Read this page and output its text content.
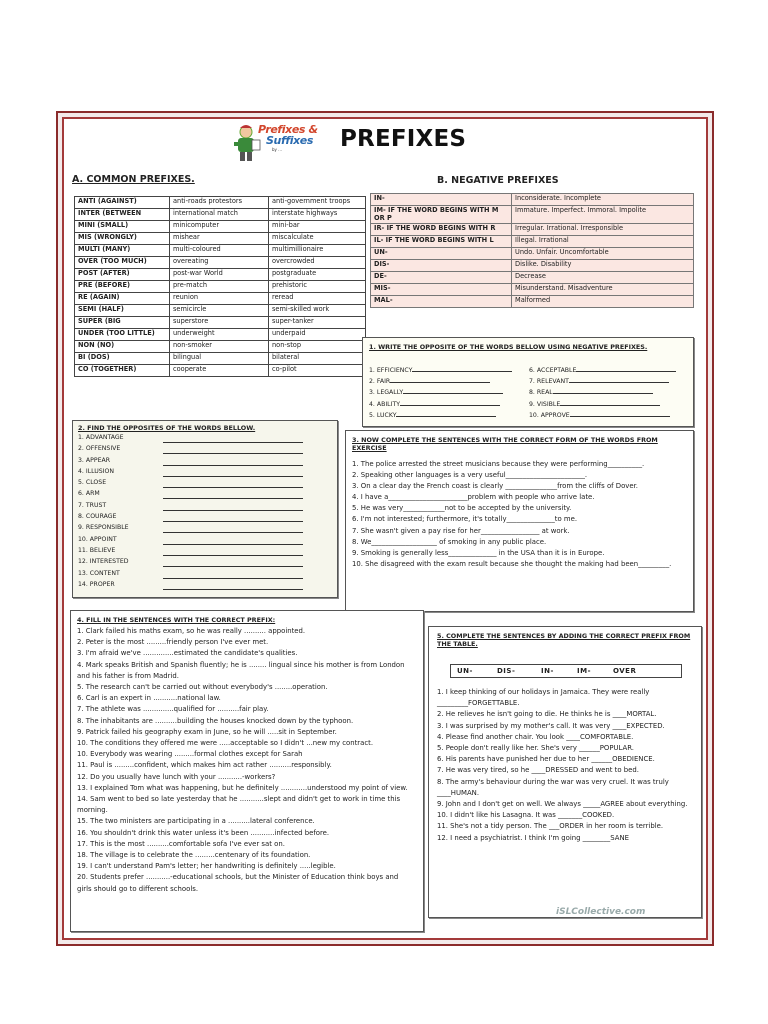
Prefixes &
Suffixes
by ...	PREFIXES
A. COMMON PREFIXES.
ANTI (AGAINST)	anti-roads protestors	anti-government troops
INTER (BETWEEN	international match	interstate highways
MINI (SMALL)	minicomputer	mini-bar
MIS (WRONGLY)	mishear	miscalculate
MULTI (MANY)	multi-coloured	multimillionaire
OVER (TOO MUCH)	overeating	overcrowded
POST (AFTER)	post-war World	postgraduate
PRE (BEFORE)	pre-match	prehistoric
RE (AGAIN)	reunion	reread
SEMI (HALF)	semicircle	semi-skilled work
SUPER (BIG	superstore	super-tanker
UNDER (TOO LITTLE)	underweight	underpaid
NON (NO)	non-smoker	non-stop
BI (DOS)	bilingual	bilateral
CO (TOGETHER)	cooperate	co-pilot
B. NEGATIVE PREFIXES
IN-	Inconsiderate. Incomplete
IM- IF THE WORD BEGINS WITH M OR P	Immature. Imperfect. Immoral. Impolite
IR- IF THE WORD BEGINS WITH R	Irregular. Irrational. Irresponsible
IL- IF THE WORD BEGINS WITH L	Illegal. Irrational
UN-	Undo. Unfair. Uncomfortable
DIS-	Dislike. Disability
DE-	Decrease
MIS-	Misunderstand. Misadventure
MAL-	Malformed
1. WRITE THE OPPOSITE OF THE WORDS BELLOW USING NEGATIVE PREFIXES.
1. EFFICIENCY
2. FAIR
3. LEGALLY
4. ABILITY
5. LUCKY
6. ACCEPTABLE
7. RELEVANT
8. REAL
9. VISIBLE
10. APPROVE
2. FIND THE OPPOSITES OF THE WORDS BELLOW.
1. ADVANTAGE
2. OFFENSIVE
3. APPEAR
4. ILLUSION
5. CLOSE
6. ARM
7. TRUST
8. COURAGE
9. RESPONSIBLE
10. APPOINT
11. BELIEVE
12. INTERESTED
13. CONTENT
14. PROPER
3. NOW COMPLETE THE SENTENCES WITH THE CORRECT FORM OF THE WORDS FROM EXERCISE
1. The police arrested the street musicians because they were performing__________.
2. Speaking other languages is a very useful_______________________.
3. On a clear day the French coast is clearly _______________from the cliffs of Dover.
4. I have a_______________________problem with people who arrive late.
5. He was very____________not to be accepted by the university.
6. I'm not interested; furthermore, it's totally______________to me.
7. She wasn't given a pay rise for her_________________ at work.
8. We___________________ of smoking in any public place.
9. Smoking is generally less______________ in the USA than it is in Europe.
10. She disagreed with the exam result because she thought the making had been_________.
4. FILL IN THE SENTENCES WITH THE CORRECT PREFIX:
1. Clark failed his maths exam, so he was really .......... appointed.
2. Peter is the most .........friendly person I've ever met.
3. I'm afraid we've ..............estimated the candidate's qualities.
4. Mark speaks British and Spanish fluently; he is ........ lingual since his mother is from London and his father is from Madrid.
5. The research can't be carried out without everybody's ........operation.
6. Carl is an expert in ...........national law.
7. The athlete was ..............qualified for ..........fair play.
8. The inhabitants are ..........building the houses knocked down by the typhoon.
9. Patrick failed his geography exam in June, so he will .....sit in September.
10. The conditions they offered me were .....acceptable so I didn't ...new my contract.
10. Everybody was wearing .........formal clothes except for Sarah
11. Paul is .........confident, which makes him act rather ..........responsibly.
12. Do you usually have lunch with your ...........-workers?
13. I explained Tom what was happening, but he definitely ............understood my point of view.
14. Sam went to bed so late yesterday that he ...........slept and didn't get to work in time this morning.
15. The two ministers are participating in a ..........lateral conference.
16. You shouldn't drink this water unless it's been ...........infected before.
17. This is the most ..........comfortable sofa I've ever sat on.
18. The village is to celebrate the .........centenary of its foundation.
19. I can't understand Pam's letter; her handwriting is definitely .....legible.
20. Students prefer ...........-educational schools, but the Minister of Education think boys and girls should go to different schools.
5. COMPLETE THE SENTENCES BY ADDING THE CORRECT PREFIX FROM THE TABLE.
1. I keep thinking of our holidays in Jamaica. They were really _________FORGETTABLE.
2. He relieves he isn't going to die. He thinks he is ____MORTAL.
3. I was surprised by my mother's call. It was very ____EXPECTED.
4. Please find another chair. You look ____COMFORTABLE.
5. People don't really like her. She's very ______POPULAR.
6. His parents have punished her due to her ______OBEDIENCE.
7. He was very tired, so he ____DRESSED and went to bed.
8. The army's behaviour during the war was very cruel. It was truly ____HUMAN.
9. John and I don't get on well. We always _____AGREE about everything.
10. I didn't like his Lasagna. It was _______COOKED.
11. She's not a tidy person. The ___ORDER in her room is terrible.
12. I need a psychiatrist. I think I'm going ________SANE
UN-	DIS-	IN-	IM-	OVER
iSLCollective.com
